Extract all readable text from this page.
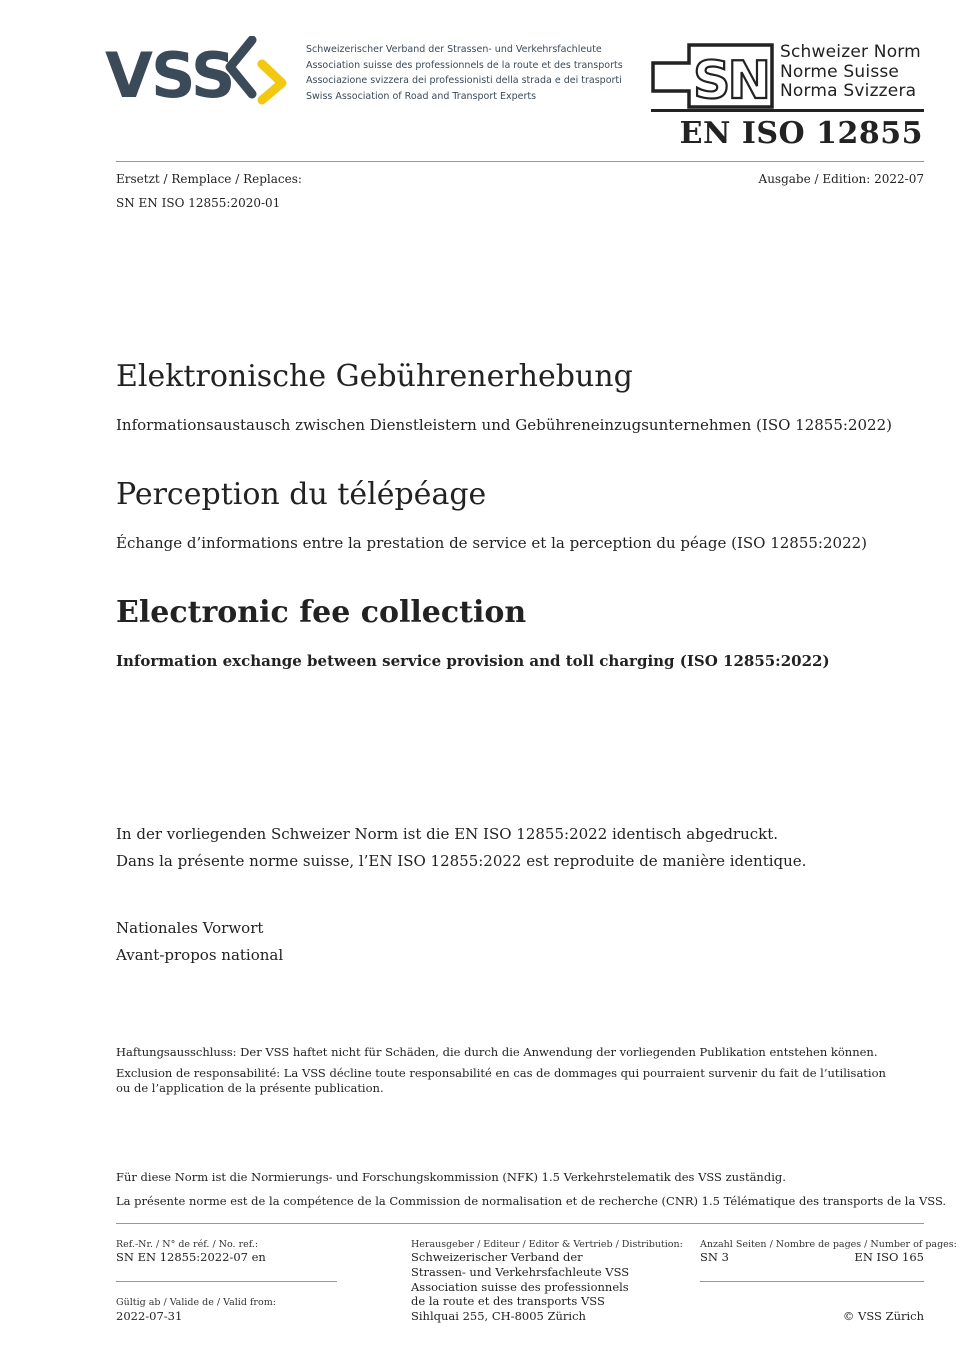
VSS	Schweizerischer Verband der Strassen- und Verkehrsfachleute
Association suisse des professionnels de la route et des transports
Associazione svizzera dei professionisti della strada e dei trasporti
Swiss Association of Road and Transport Experts	SN Schweizer Norm
Norme Suisse
Norma Svizzera
EN ISO 12855
Ersetzt / Remplace / Replaces:
SN EN ISO 12855:2020-01
Ausgabe / Edition: 2022-07
Elektronische Gebührenerhebung
Informationsaustausch zwischen Dienstleistern und Gebühreneinzugsunternehmen (ISO 12855:2022)
Perception du télépéage
Échange d’informations entre la prestation de service et la perception du péage (ISO 12855:2022)
Electronic fee collection
Information exchange between service provision and toll charging (ISO 12855:2022)
In der vorliegenden Schweizer Norm ist die EN ISO 12855:2022 identisch abgedruckt.
Dans la présente norme suisse, l’EN ISO 12855:2022 est reproduite de manière identique.
Nationales Vorwort
Avant-propos national
Haftungsausschluss: Der VSS haftet nicht für Schäden, die durch die Anwendung der vorliegenden Publikation entstehen können.
Exclusion de responsabilité: La VSS décline toute responsabilité en cas de dommages qui pourraient survenir du fait de l’utilisation
ou de l’application de la présente publication.
Für diese Norm ist die Normierungs- und Forschungskommission (NFK) 1.5 Verkehrstelematik des VSS zuständig.
La présente norme est de la compétence de la Commission de normalisation et de recherche (CNR) 1.5 Télématique des transports de la VSS.
Ref.-Nr. / N° de réf. / No. ref.:
SN EN 12855:2022-07 en
Gültig ab / Valide de / Valid from:
2022-07-31
Herausgeber / Editeur / Editor & Vertrieb / Distribution:
Schweizerischer Verband der
Strassen- und Verkehrsfachleute VSS
Association suisse des professionnels
de la route et des transports VSS
Sihlquai 255, CH-8005 Zürich
Anzahl Seiten / Nombre de pages / Number of pages:
SN 3	EN ISO 165
© VSS Zürich
